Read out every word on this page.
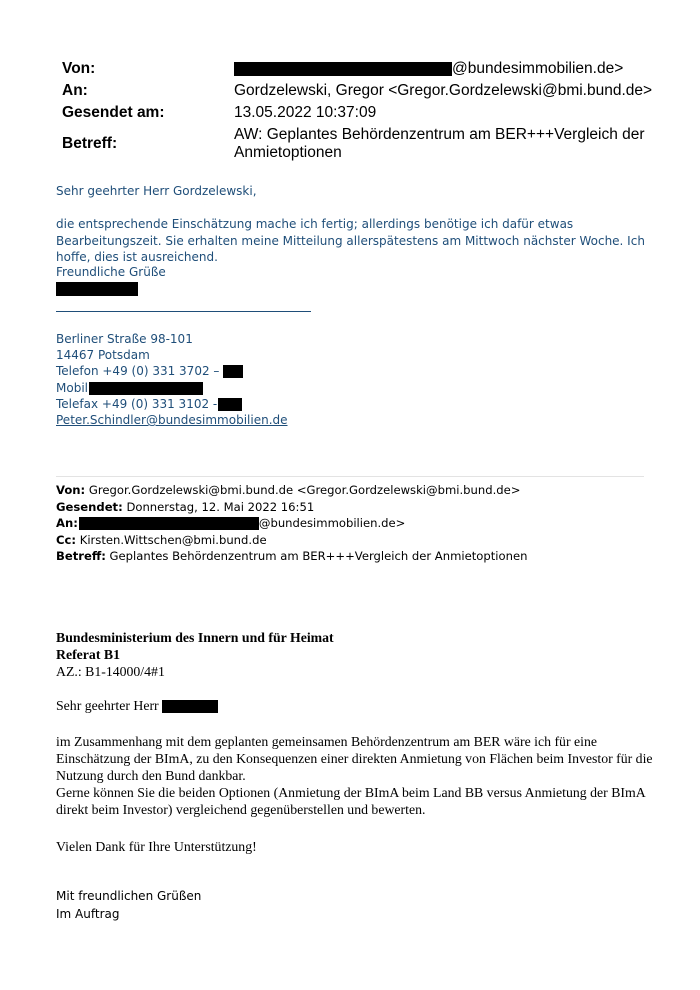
Von:	@bundesimmobilien.de>
An:	Gordzelewski, Gregor <Gregor.Gordzelewski@bmi.bund.de>
Gesendet am:	13.05.2022 10:37:09
Betreff:
AW: Geplantes Behördenzentrum am BER+++Vergleich der Anmietoptionen
Sehr geehrter Herr Gordzelewski,
die entsprechende Einschätzung mache ich fertig; allerdings benötige ich dafür etwas Bearbeitungszeit. Sie erhalten meine Mitteilung allerspätestens am Mittwoch nächster Woche. Ich hoffe, dies ist ausreichend.
Freundliche Grüße
Berliner Straße 98-101
14467 Potsdam
Telefon +49 (0) 331 3702 –
Mobil
Telefax +49 (0) 331 3102 -
Peter.Schindler@bundesimmobilien.de
Von: Gregor.Gordzelewski@bmi.bund.de <Gregor.Gordzelewski@bmi.bund.de>
Gesendet: Donnerstag, 12. Mai 2022 16:51
An:	@bundesimmobilien.de>
Cc: Kirsten.Wittschen@bmi.bund.de
Betreff: Geplantes Behördenzentrum am BER+++Vergleich der Anmietoptionen
Bundesministerium des Innern und für Heimat
Referat B1
AZ.: B1-14000/4#1
Sehr geehrter Herr
im Zusammenhang mit dem geplanten gemeinsamen Behördenzentrum am BER wäre ich für eine Einschätzung der BImA, zu den Konsequenzen einer direkten Anmietung von Flächen beim Investor für die Nutzung durch den Bund dankbar.
Gerne können Sie die beiden Optionen (Anmietung der BImA beim Land BB versus Anmietung der BImA direkt beim Investor) vergleichend gegenüberstellen und bewerten.
Vielen Dank für Ihre Unterstützung!
Mit freundlichen Grüßen
Im Auftrag
